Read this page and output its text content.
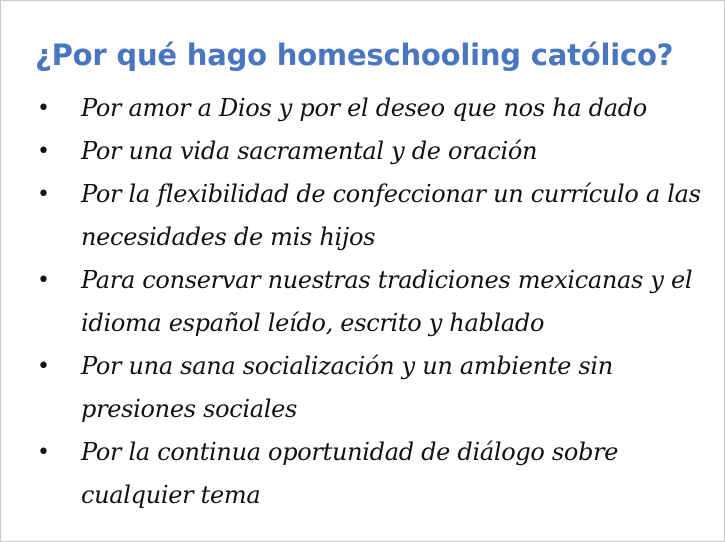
¿Por qué hago homeschooling católico?
• Por amor a Dios y por el deseo que nos ha dado
• Por una vida sacramental y de oración
• Por la flexibilidad de confeccionar un currículo a las necesidades de mis hijos
• Para conservar nuestras tradiciones mexicanas y el idioma español leído, escrito y hablado
• Por una sana socialización y un ambiente sin presiones sociales
• Por la continua oportunidad de diálogo sobre cualquier tema
